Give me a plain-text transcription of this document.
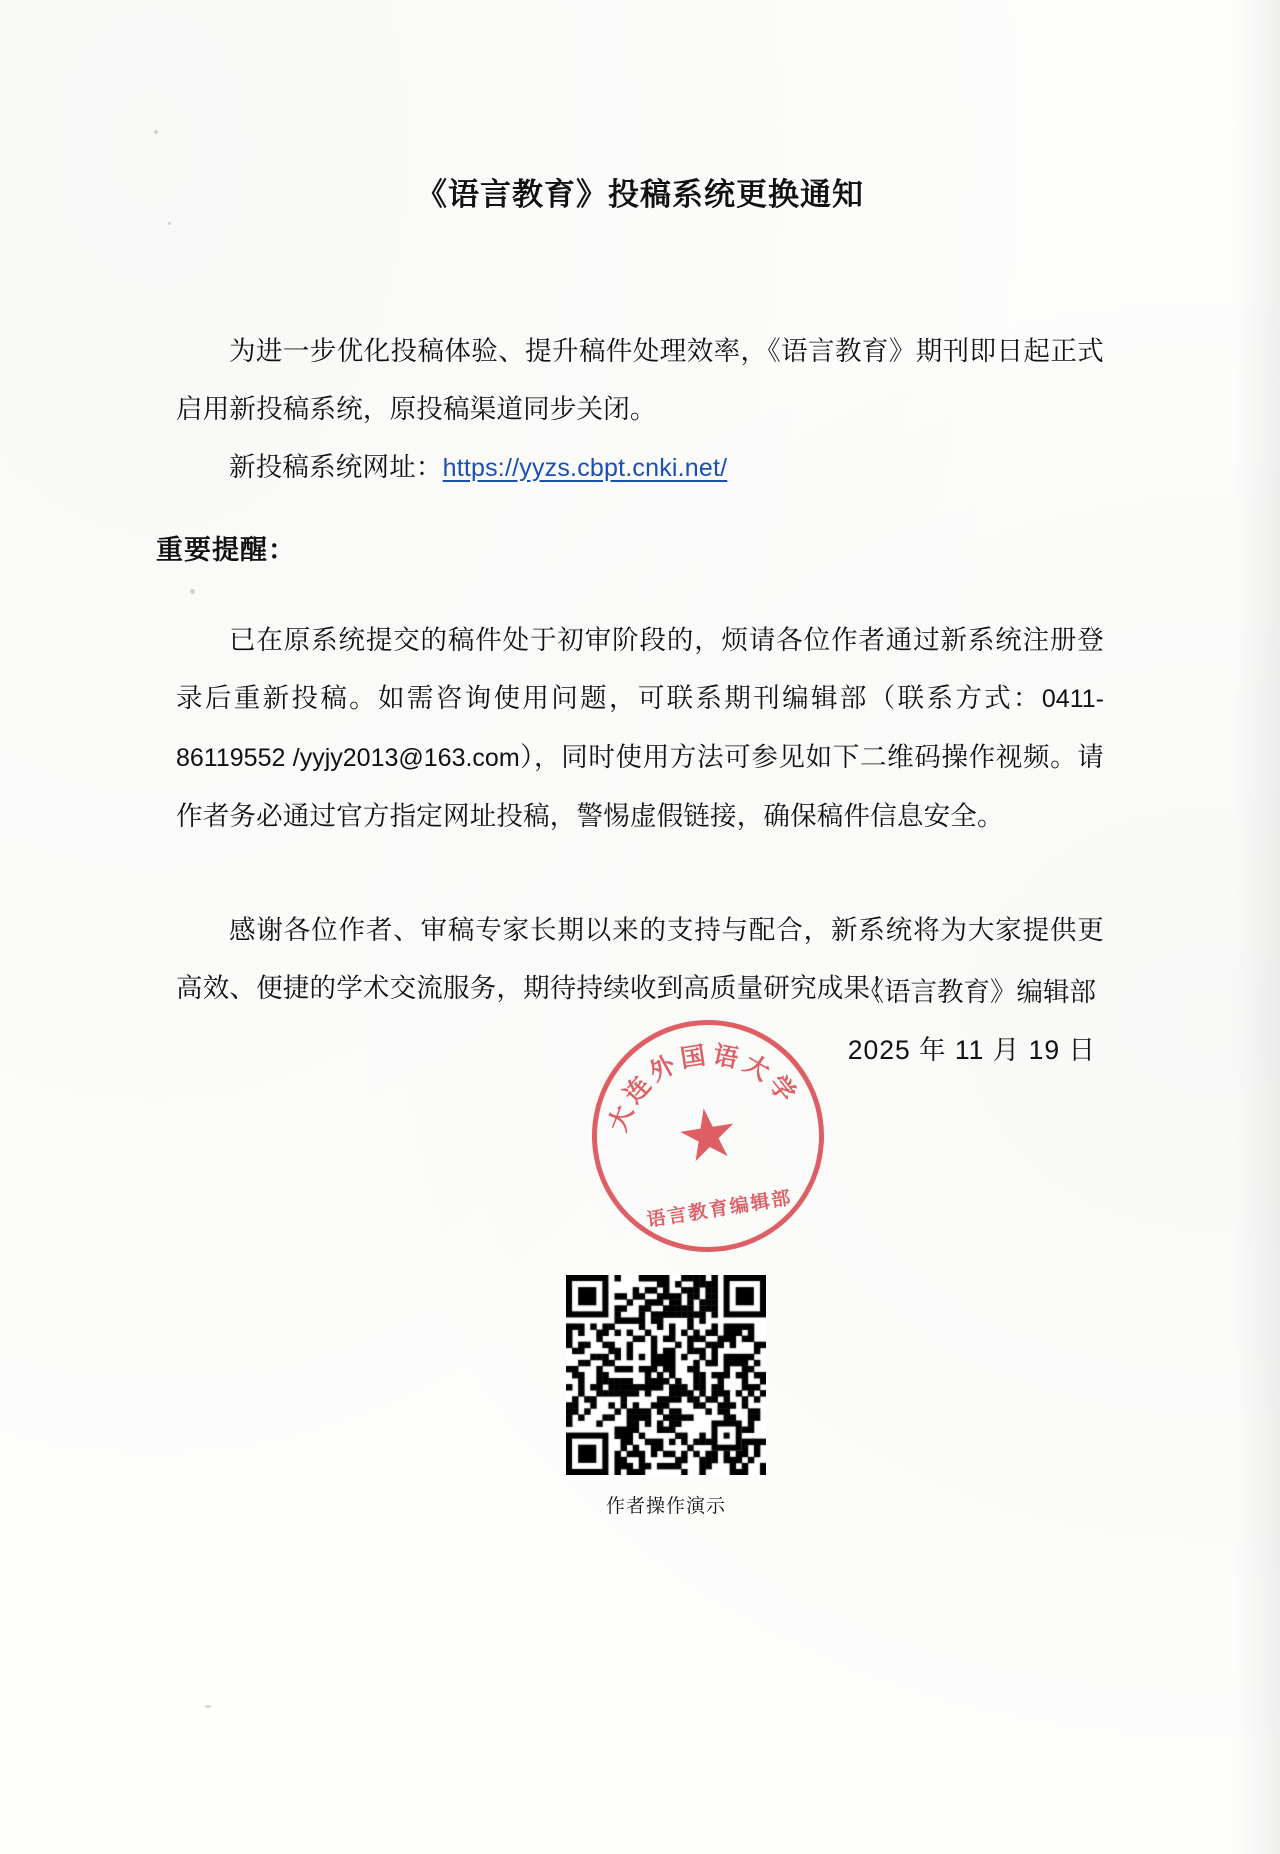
《语言教育》投稿系统更换通知

为进一步优化投稿体验、提升稿件处理效率，《语言教育》期刊即日起正式启用新投稿系统，原投稿渠道同步关闭。

新投稿系统网址：https://yyzs.cbpt.cnki.net/

重要提醒：

已在原系统提交的稿件处于初审阶段的，烦请各位作者通过新系统注册登录后重新投稿。如需咨询使用问题，可联系期刊编辑部（联系方式：0411-86119552 /yyjy2013@163.com），同时使用方法可参见如下二维码操作视频。请作者务必通过官方指定网址投稿，警惕虚假链接，确保稿件信息安全。

感谢各位作者、审稿专家长期以来的支持与配合，新系统将为大家提供更高效、便捷的学术交流服务，期待持续收到高质量研究成果！

《语言教育》编辑部
2025 年 11 月 19 日
大连外国语大学
语言教育编辑部
作者操作演示
